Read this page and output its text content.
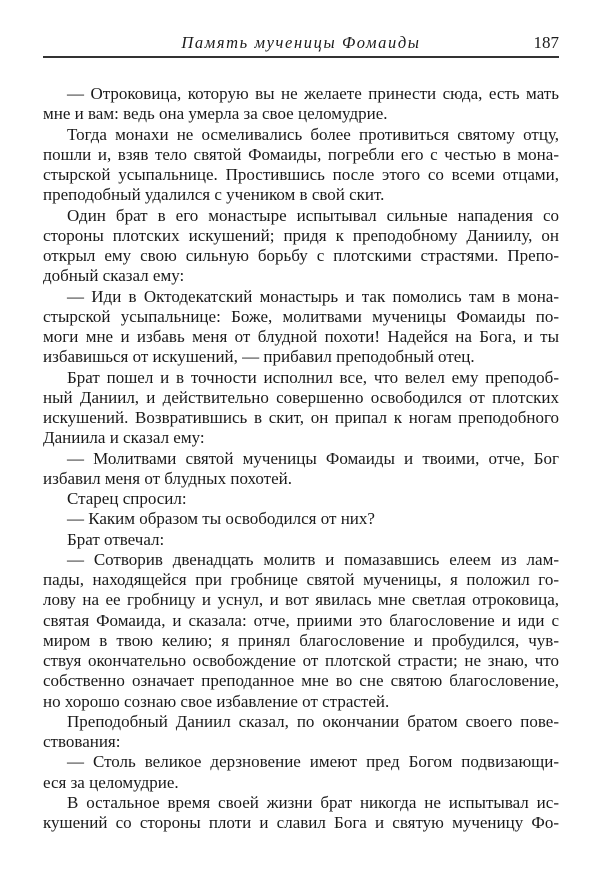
Память мученицы Фомаиды	187
— Отроковица, которую вы не желаете принести сюда, есть мать
мне и вам: ведь она умерла за свое целомудрие.
Тогда монахи не осмеливались более противиться святому отцу,
пошли и, взяв тело святой Фомаиды, погребли его с честью в мона-
стырской усыпальнице. Простившись после этого со всеми отцами,
преподобный удалился с учеником в свой скит.
Один брат в его монастыре испытывал сильные нападения со
стороны плотских искушений; придя к преподобному Даниилу, он
открыл ему свою сильную борьбу с плотскими страстями. Препо-
добный сказал ему:
— Иди в Октодекатский монастырь и так помолись там в мона-
стырской усыпальнице: Боже, молитвами мученицы Фомаиды по-
моги мне и избавь меня от блудной похоти! Надейся на Бога, и ты
избавишься от искушений, — прибавил преподобный отец.
Брат пошел и в точности исполнил все, что велел ему преподоб-
ный Даниил, и действительно совершенно освободился от плотских
искушений. Возвратившись в скит, он припал к ногам преподобного
Даниила и сказал ему:
— Молитвами святой мученицы Фомаиды и твоими, отче, Бог
избавил меня от блудных похотей.
Старец спросил:
— Каким образом ты освободился от них?
Брат отвечал:
— Сотворив двенадцать молитв и помазавшись елеем из лам-
пады, находящейся при гробнице святой мученицы, я положил го-
лову на ее гробницу и уснул, и вот явилась мне светлая отроковица,
святая Фомаида, и сказала: отче, приими это благословение и иди с
миром в твою келию; я принял благословение и пробудился, чув-
ствуя окончательно освобождение от плотской страсти; не знаю, что
собственно означает преподанное мне во сне святою благословение,
но хорошо сознаю свое избавление от страстей.
Преподобный Даниил сказал, по окончании братом своего пове-
ствования:
— Столь великое дерзновение имеют пред Богом подвизающи-
еся за целомудрие.
В остальное время своей жизни брат никогда не испытывал ис-
кушений со стороны плоти и славил Бога и святую мученицу Фо-
